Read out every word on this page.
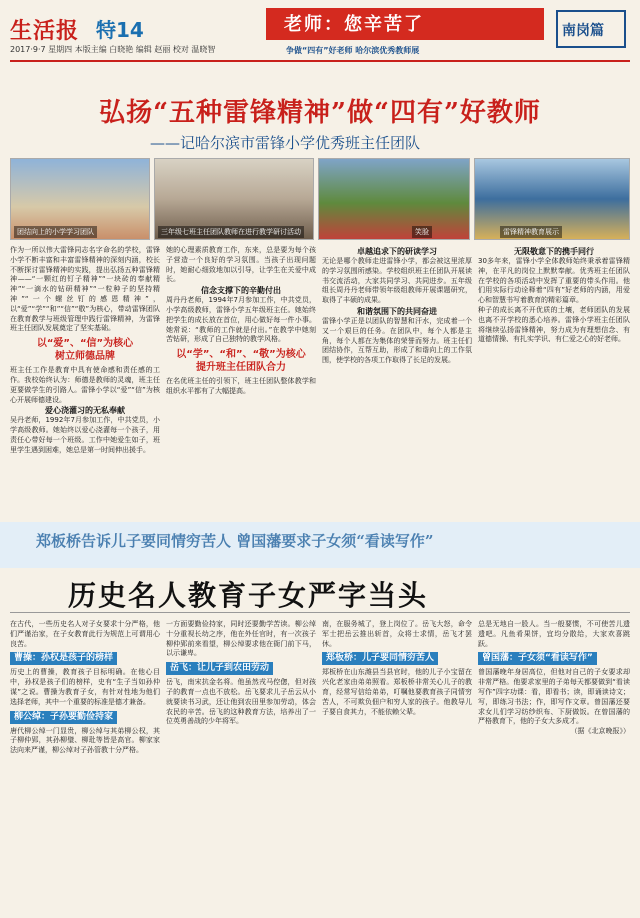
生活报 特14
2017·9·7 星期四 本版主编 白晓艳 编辑 赵丽 校对 温晓智
老师：您辛苦了
争做“四有”好老师 哈尔滨优秀教师展
南岗篇
弘扬“五种雷锋精神”做“四有”好教师
——记哈尔滨市雷锋小学优秀班主任团队
团结向上的小学学习团队	三年级七班主任团队教师在进行教学研讨活动	笑脸	雷锋精神教育展示

作为一所以伟大雷锋同志名字命名的学校，雷锋小学不断丰富和丰富雷锋精神的深刻内涵，校长不断探讨雷锋精神的实践，提出弘扬五种雷锋精神——“一颗红的钉子精神”“一块砖的奉献精神”“一滴水的钻研精神”“一粒种子的坚持精神”“一个螺丝钉的感恩精神”，以“爱”“学”“和”“信”“敬”为核心，带动雷锋团队在教育教学与班级管理中践行雷锋精神，为雷锋班主任团队发展奠定了坚实基础。

以“爱”、“信”为核心
树立师德品牌

班主任工作是教育中具有使命感和责任感的工作。我校始终认为：师德是教师的灵魂，班主任更要做学生的引路人。雷锋小学以“爱”“信”为核心开展师德建设。

爱心浇灌习的无私奉献

吴丹老师，1992年7月参加工作，中共党员，小学高级教师。她始终以爱心浇灌每一个孩子，用责任心带好每一个班级。工作中她爱生如子，班里学生遇到困难，她总是第一时间伸出援手。

她的心理素质教育工作，东来，总是要为每个孩子营造一个良好的学习氛围。当孩子出现问题时，她耐心细致地加以引导，让学生在关爱中成长。

信念支撑下的辛勤付出

周丹丹老师，1994年7月参加工作，中共党员，小学高级教师，雷锋小学五年级班主任。她始终把学生的成长放在首位，用心做好每一件小事。她常说：“教师的工作就是付出。”在教学中她刻苦钻研，形成了自己独特的教学风格。

以“学”、“和”、“敬”为核心
提升班主任团队合力

在名优班主任的引领下，班主任团队整体教学和组织水平都有了大幅提高。

卓越追求下的研读学习

无论是哪个教师走进雷锋小学，都会被这里浓厚的学习氛围所感染。学校组织班主任团队开展读书交流活动，大家共同学习、共同进步。五年级组长周丹丹老师带领年级组教师开展课题研究，取得了丰硕的成果。

和谐氛围下的共同奋进

雷锋小学正是以团队的智慧和汗水，完成着一个又一个艰巨的任务。在团队中，每个人都是主角，每个人都在为集体的荣誉而努力。班主任们团结协作，互帮互助，形成了和谐向上的工作氛围，使学校的各项工作取得了长足的发展。

无限敬意下的携手同行

30多年来，雷锋小学全体教师始终秉承着雷锋精神，在平凡的岗位上默默奉献。优秀班主任团队在学校的各项活动中发挥了重要的带头作用。他们用实际行动诠释着“四有”好老师的内涵，用爱心和智慧书写着教育的精彩篇章。

种子的成长离不开优质的土壤，老师团队的发展也离不开学校的悉心培养。雷锋小学班主任团队将继续弘扬雷锋精神，努力成为有理想信念、有道德情操、有扎实学识、有仁爱之心的好老师。

郑板桥告诉儿子要同情穷苦人 曾国藩要求子女须“看读写作”
历史名人教育子女严字当头

在古代，一些历史名人对子女要求十分严格，他们严谨治家，在子女教育此行为规范上可谓用心良苦。

曹操：孙权是孩子的榜样

历史上的曹操，教育孩子目标明确。在他心目中，孙权是孩子们的榜样，史有“生子当如孙仲谋”之说。曹操为教育子女，有针对性地为他们选择老师，其中一个重要的标准是德才兼备。

柳公绰：子孙要勤俭持家

唐代柳公绰一门显贵，柳公绰与其弟柳公权，其子柳仲郢，其孙柳璧、柳玭等皆是高官。柳家家法向来严谨，柳公绰对子孙管教十分严格。

一方面要勤俭持家，同时还要勤学苦读。柳公绰十分重视长幼之序，他在外任官时，有一次孩子柳仲郢前来看望，柳公绰要求他在衙门前下马，以示谦卑。

岳飞：让儿子到农田劳动

岳飞，南宋抗金名将。他虽然戎马倥偬，但对孩子的教育一点也不放松。岳飞要求儿子岳云从小就要读书习武，还让他到农田里参加劳动，体会农民的辛苦。岳飞的这种教育方法，培养出了一位英勇善战的少年将军。

南，在服务城了，登上岗位了。岳飞大怒，命令军士把岳云推出斩首，众将士求情，岳飞才罢休。

郑板桥：儿子要同情穷苦人

郑板桥在山东潍县当县官时，他的儿子小宝留在兴化老家由弟弟照看。郑板桥非常关心儿子的教育，经常写信给弟弟，叮嘱他要教育孩子同情穷苦人，不可欺负佃户和穷人家的孩子。他教导儿子要自食其力，不能依赖父辈。

总是无地自一股人。当一般要惯，不可使苦儿遗遗吧。凡鱼肴果饼，宜均分散给，大家欢喜跳跃。

曾国藩：子女须“看读写作”

曾国藩晚年身居高位，但他对自己的子女要求却非常严格。他要求家里的子弟每天都要做到“看读写作”四字功课：看，即看书；读，即诵读诗文；写，即练习书法；作，即写作文章。曾国藩还要求女儿们学习纺纱织布、下厨做饭。在曾国藩的严格教育下，他的子女大多成才。

（据《北京晚报》）
